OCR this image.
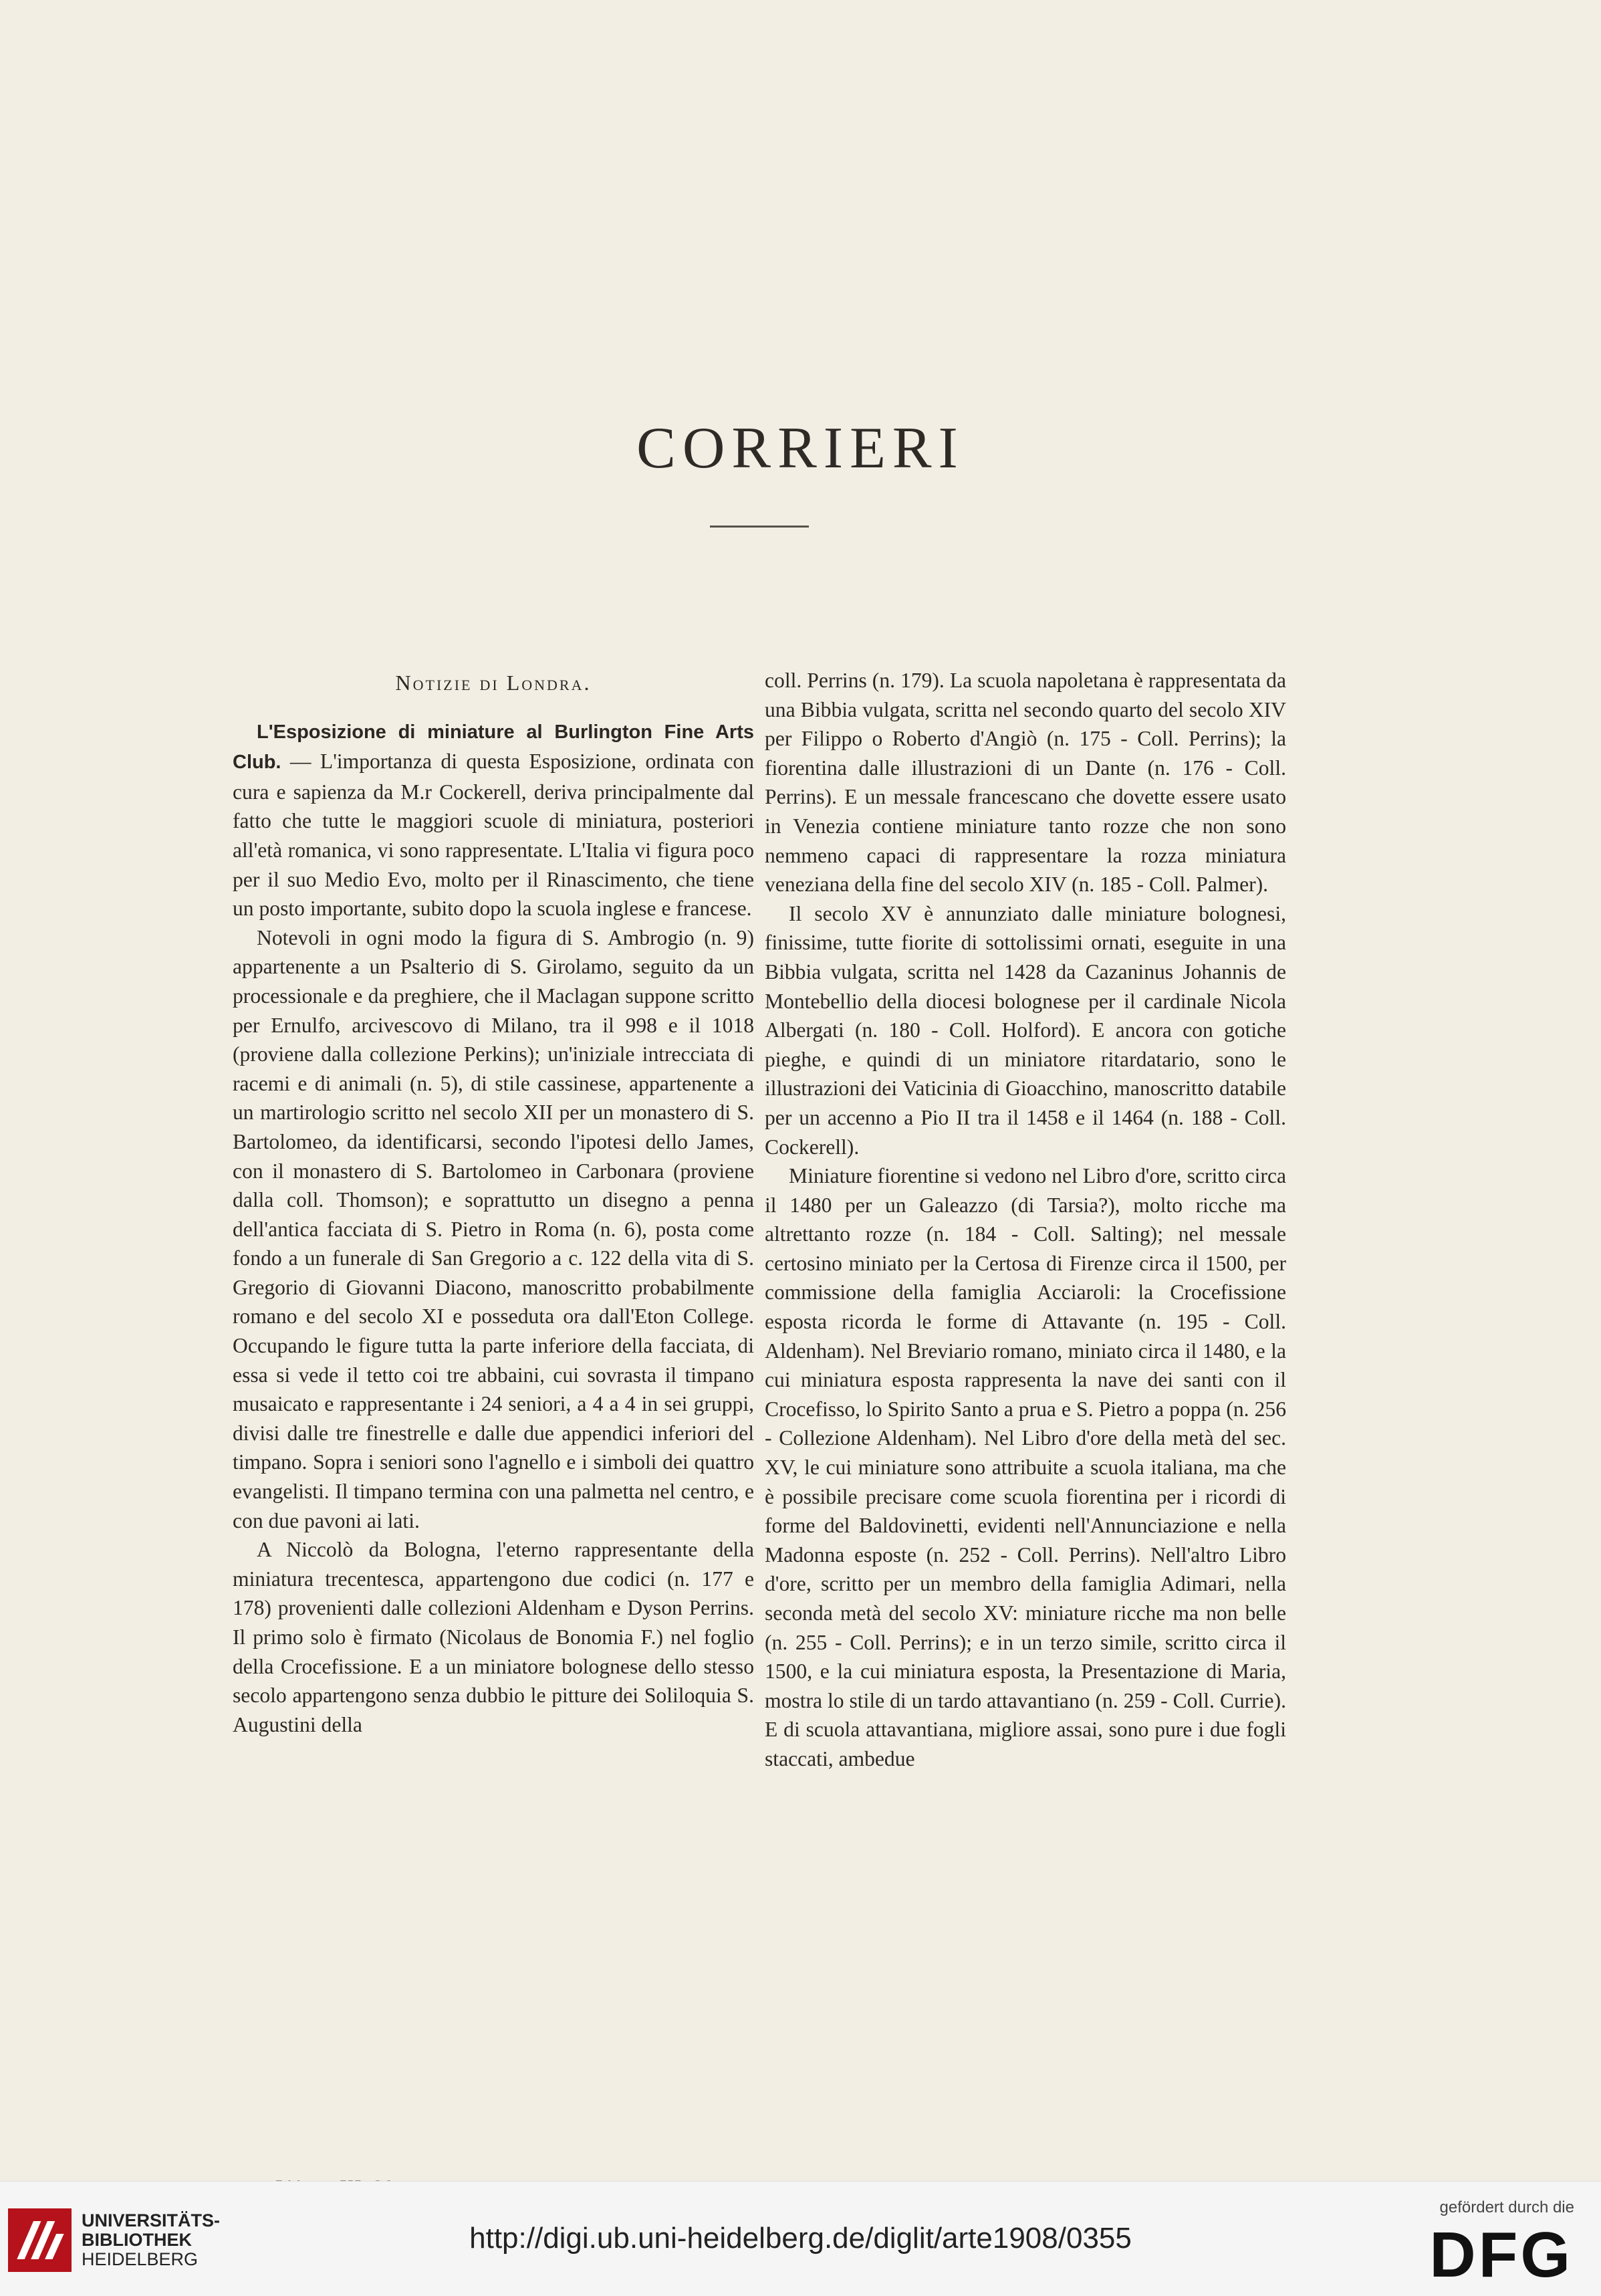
CORRIERI
Notizie di Londra.

L'Esposizione di miniature al Burlington Fine Arts Club. — L'importanza di questa Esposizione, ordinata con cura e sapienza da M.r Cockerell, deriva principalmente dal fatto che tutte le maggiori scuole di miniatura, posteriori all'età romanica, vi sono rappresentate. L'Italia vi figura poco per il suo Medio Evo, molto per il Rinascimento, che tiene un posto importante, subito dopo la scuola inglese e francese.

Notevoli in ogni modo la figura di S. Ambrogio (n. 9) appartenente a un Psalterio di S. Girolamo, seguito da un processionale e da preghiere, che il Maclagan suppone scritto per Ernulfo, arcivescovo di Milano, tra il 998 e il 1018 (proviene dalla collezione Perkins); un'iniziale intrecciata di racemi e di animali (n. 5), di stile cassinese, appartenente a un martirologio scritto nel secolo XII per un monastero di S. Bartolomeo, da identificarsi, secondo l'ipotesi dello James, con il monastero di S. Bartolomeo in Carbonara (proviene dalla coll. Thomson); e soprattutto un disegno a penna dell'antica facciata di S. Pietro in Roma (n. 6), posta come fondo a un funerale di San Gregorio a c. 122 della vita di S. Gregorio di Giovanni Diacono, manoscritto probabilmente romano e del secolo XI e posseduta ora dall'Eton College. Occupando le figure tutta la parte inferiore della facciata, di essa si vede il tetto coi tre abbaini, cui sovrasta il timpano musaicato e rappresentante i 24 seniori, a 4 a 4 in sei gruppi, divisi dalle tre finestrelle e dalle due appendici inferiori del timpano. Sopra i seniori sono l'agnello e i simboli dei quattro evangelisti. Il timpano termina con una palmetta nel centro, e con due pavoni ai lati.

A Niccolò da Bologna, l'eterno rappresentante della miniatura trecentesca, appartengono due codici (n. 177 e 178) provenienti dalle collezioni Aldenham e Dyson Perrins. Il primo solo è firmato (Nicolaus de Bonomia F.) nel foglio della Crocefissione. E a un miniatore bolognese dello stesso secolo appartengono senza dubbio le pitture dei Soliloquia S. Augustini della

coll. Perrins (n. 179). La scuola napoletana è rappresentata da una Bibbia vulgata, scritta nel secondo quarto del secolo XIV per Filippo o Roberto d'Angiò (n. 175 - Coll. Perrins); la fiorentina dalle illustrazioni di un Dante (n. 176 - Coll. Perrins). E un messale francescano che dovette essere usato in Venezia contiene miniature tanto rozze che non sono nemmeno capaci di rappresentare la rozza miniatura veneziana della fine del secolo XIV (n. 185 - Coll. Palmer).

Il secolo XV è annunziato dalle miniature bolognesi, finissime, tutte fiorite di sottolissimi ornati, eseguite in una Bibbia vulgata, scritta nel 1428 da Cazaninus Johannis de Montebellio della diocesi bolognese per il cardinale Nicola Albergati (n. 180 - Coll. Holford). E ancora con gotiche pieghe, e quindi di un miniatore ritardatario, sono le illustrazioni dei Vaticinia di Gioacchino, manoscritto databile per un accenno a Pio II tra il 1458 e il 1464 (n. 188 - Coll. Cockerell).

Miniature fiorentine si vedono nel Libro d'ore, scritto circa il 1480 per un Galeazzo (di Tarsia?), molto ricche ma altrettanto rozze (n. 184 - Coll. Salting); nel messale certosino miniato per la Certosa di Firenze circa il 1500, per commissione della famiglia Acciaroli: la Crocefissione esposta ricorda le forme di Attavante (n. 195 - Coll. Aldenham). Nel Breviario romano, miniato circa il 1480, e la cui miniatura esposta rappresenta la nave dei santi con il Crocefisso, lo Spirito Santo a prua e S. Pietro a poppa (n. 256 - Collezione Aldenham). Nel Libro d'ore della metà del sec. XV, le cui miniature sono attribuite a scuola italiana, ma che è possibile precisare come scuola fiorentina per i ricordi di forme del Baldovinetti, evidenti nell'Annunciazione e nella Madonna esposte (n. 252 - Coll. Perrins). Nell'altro Libro d'ore, scritto per un membro della famiglia Adimari, nella seconda metà del secolo XV: miniature ricche ma non belle (n. 255 - Coll. Perrins); e in un terzo simile, scritto circa il 1500, e la cui miniatura esposta, la Presentazione di Maria, mostra lo stile di un tardo attavantiano (n. 259 - Coll. Currie). E di scuola attavantiana, migliore assai, sono pure i due fogli staccati, ambedue

UNIVERSITÄTS-
BIBLIOTHEK

HEIDELBERG
http://digi.ub.uni-heidelberg.de/diglit/arte1908/0355
gefördert durch die
DFG
